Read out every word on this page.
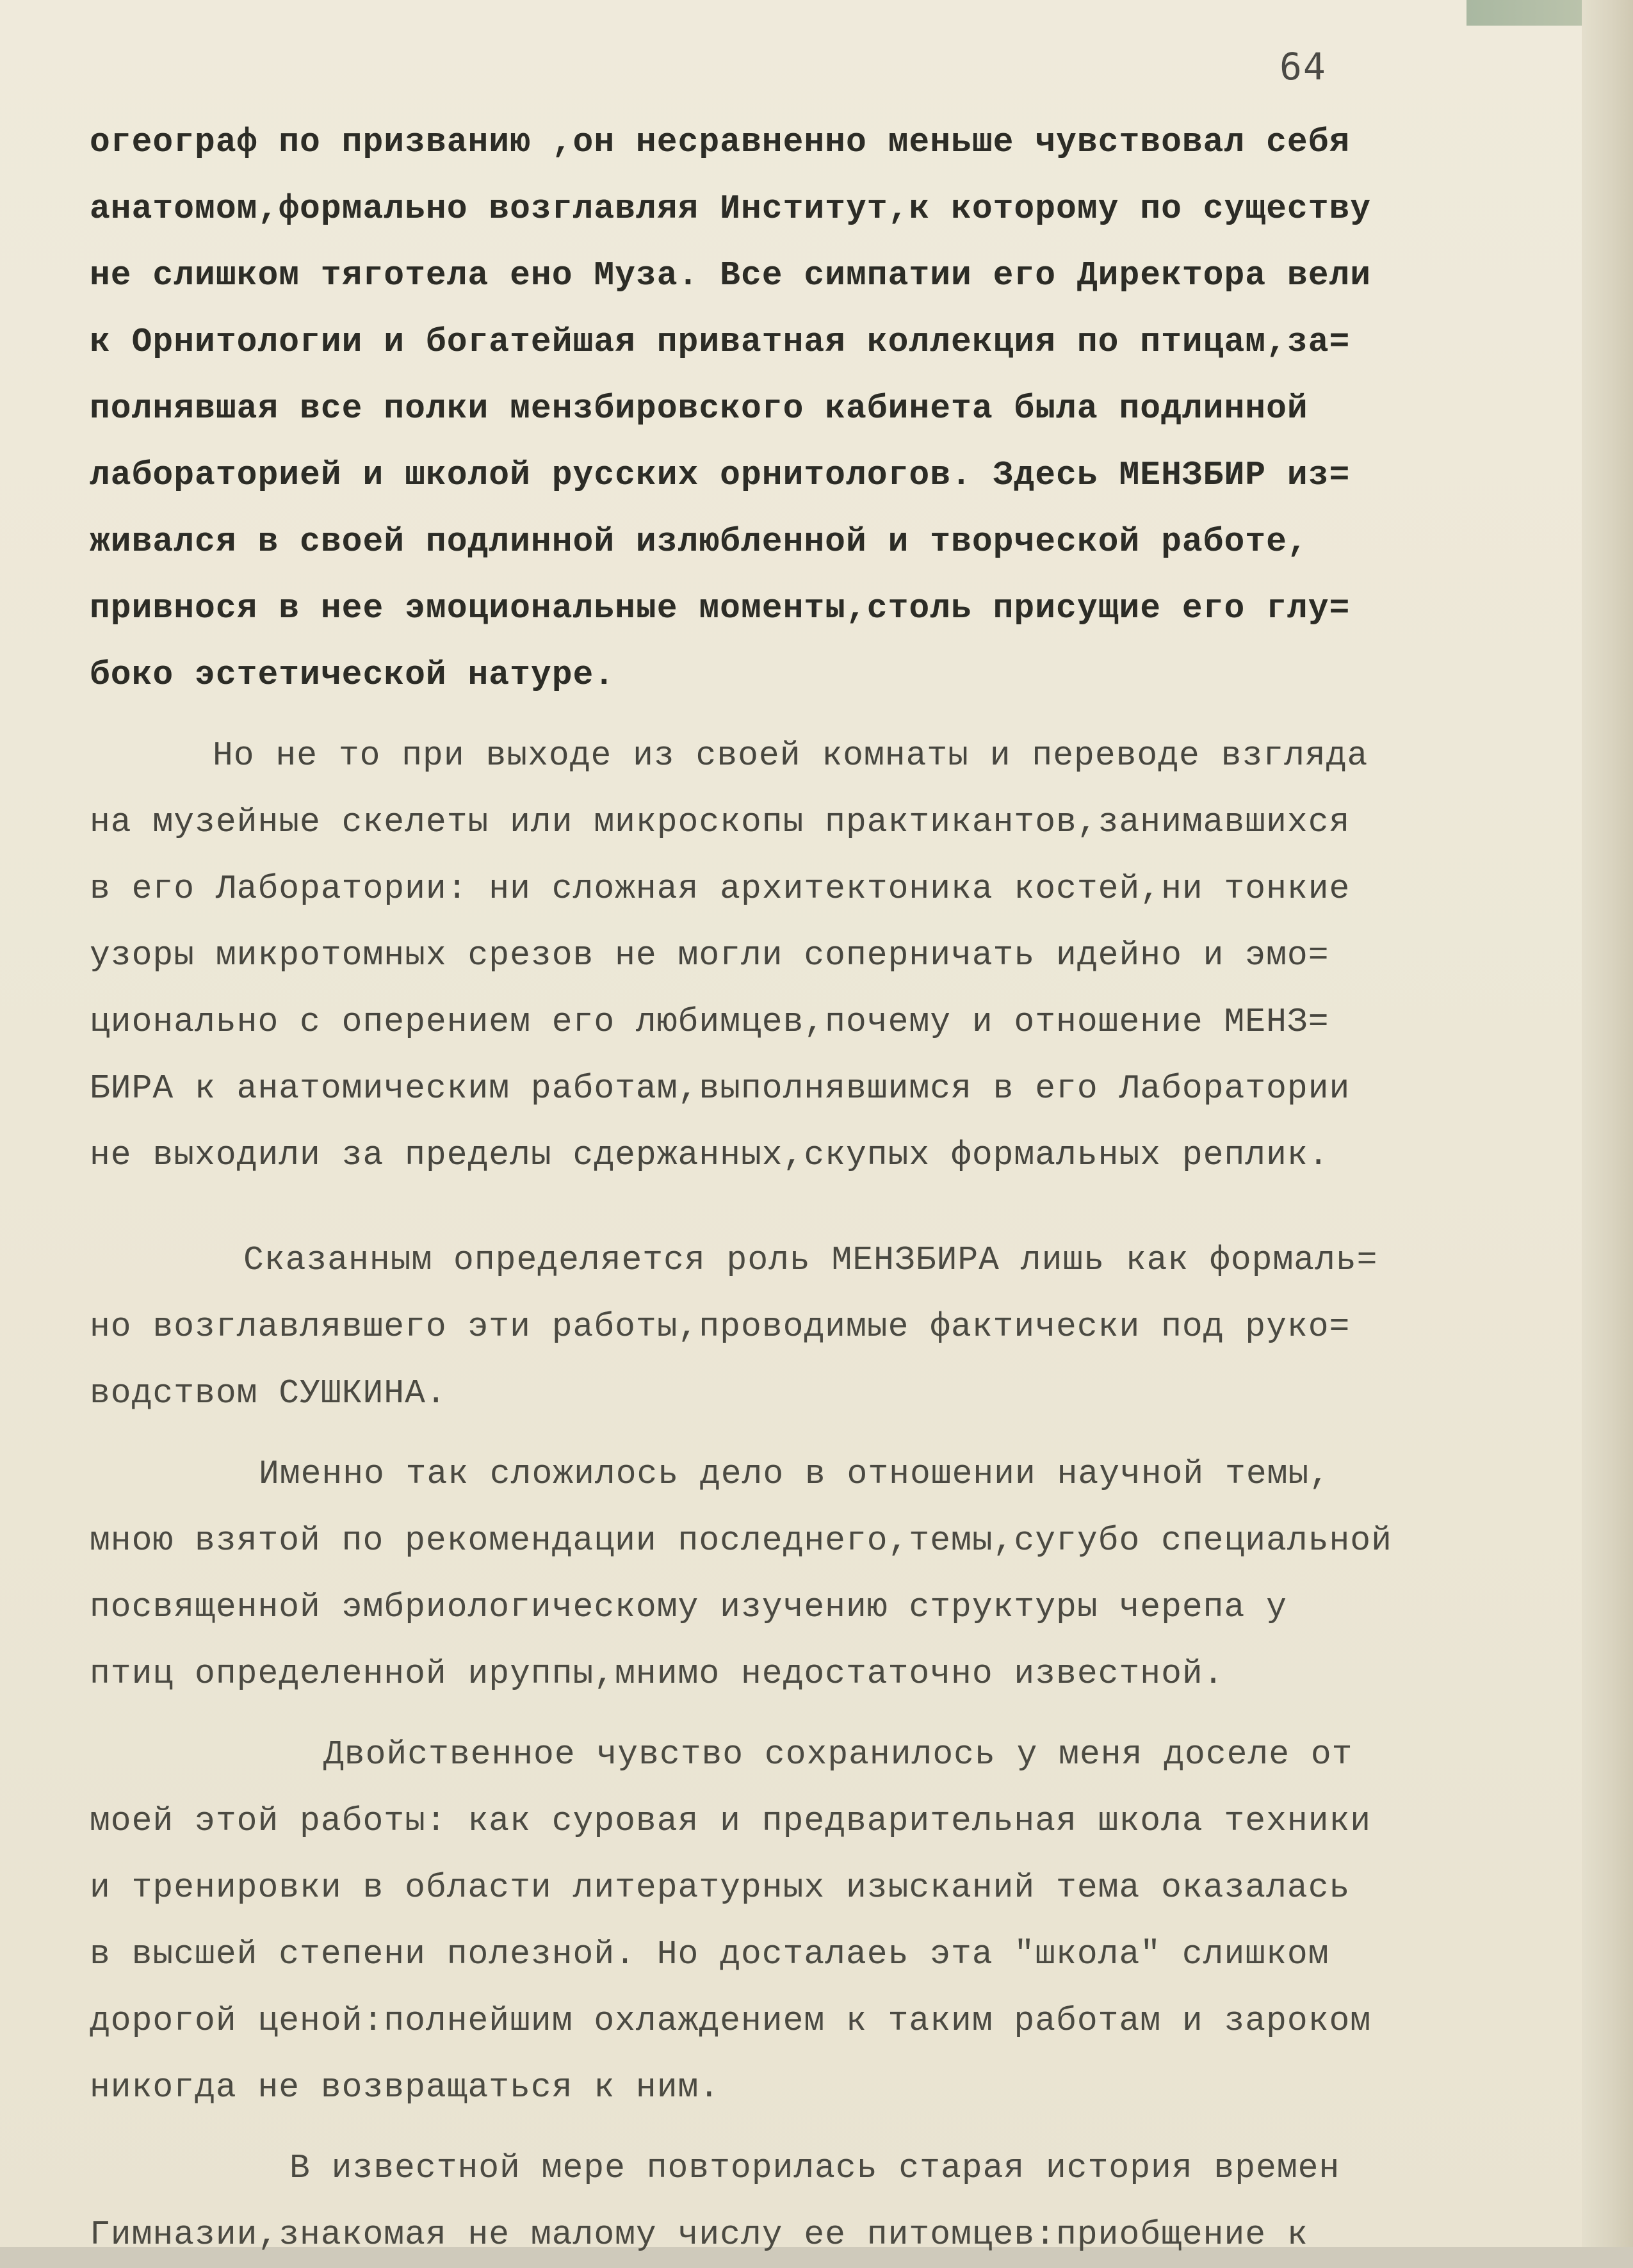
64
огеограф по призванию ,он несравненно меньше чувствовал себя
анатомом,формально возглавляя Институт,к которому по существу
не слишком тяготела ено Муза. Все симпатии его Директора вели
к Орнитологии и богатейшая приватная коллекция по птицам,за=
полнявшая все полки мензбировского кабинета была подлинной
лабораторией и школой русских орнитологов. Здесь МЕНЗБИР из=
живался в своей подлинной излюбленной и творческой работе,
привнося в нее эмоциональные моменты,столь присущие его глу=
боко эстетической натуре.
Но не то при выходе из своей комнаты и переводе взгляда
на музейные скелеты или микроскопы практикантов,занимавшихся
в его Лаборатории: ни сложная архитектоника костей,ни тонкие
узоры микротомных срезов не могли соперничать идейно и эмо=
ционально с оперением его любимцев,почему и отношение МЕНЗ=
БИРА к анатомическим работам,выполнявшимся в его Лаборатории
не выходили за пределы сдержанных,скупых формальных реплик.
Сказанным определяется роль МЕНЗБИРА лишь как формаль=
но возглавлявшего эти работы,проводимые фактически под руко=
водством СУШКИНА.
Именно так сложилось дело в отношении научной темы,
мною взятой по рекомендации последнего,темы,сугубо специальной
посвященной эмбриологическому изучению структуры черепа у
птиц определенной ируппы,мнимо недостаточно известной.
Двойственное чувство сохранилось у меня доселе от
моей этой работы: как суровая и предварительная школа техники
и тренировки в области литературных изысканий тема оказалась
в высшей степени полезной. Но досталаеь эта "школа" слишком
дорогой ценой:полнейшим охлаждением к таким работам и зароком
никогда не возвращаться к ним.
В известной мере повторилась старая история времен
Гимназии,знакомая не малому числу ее питомцев:приобщение к
